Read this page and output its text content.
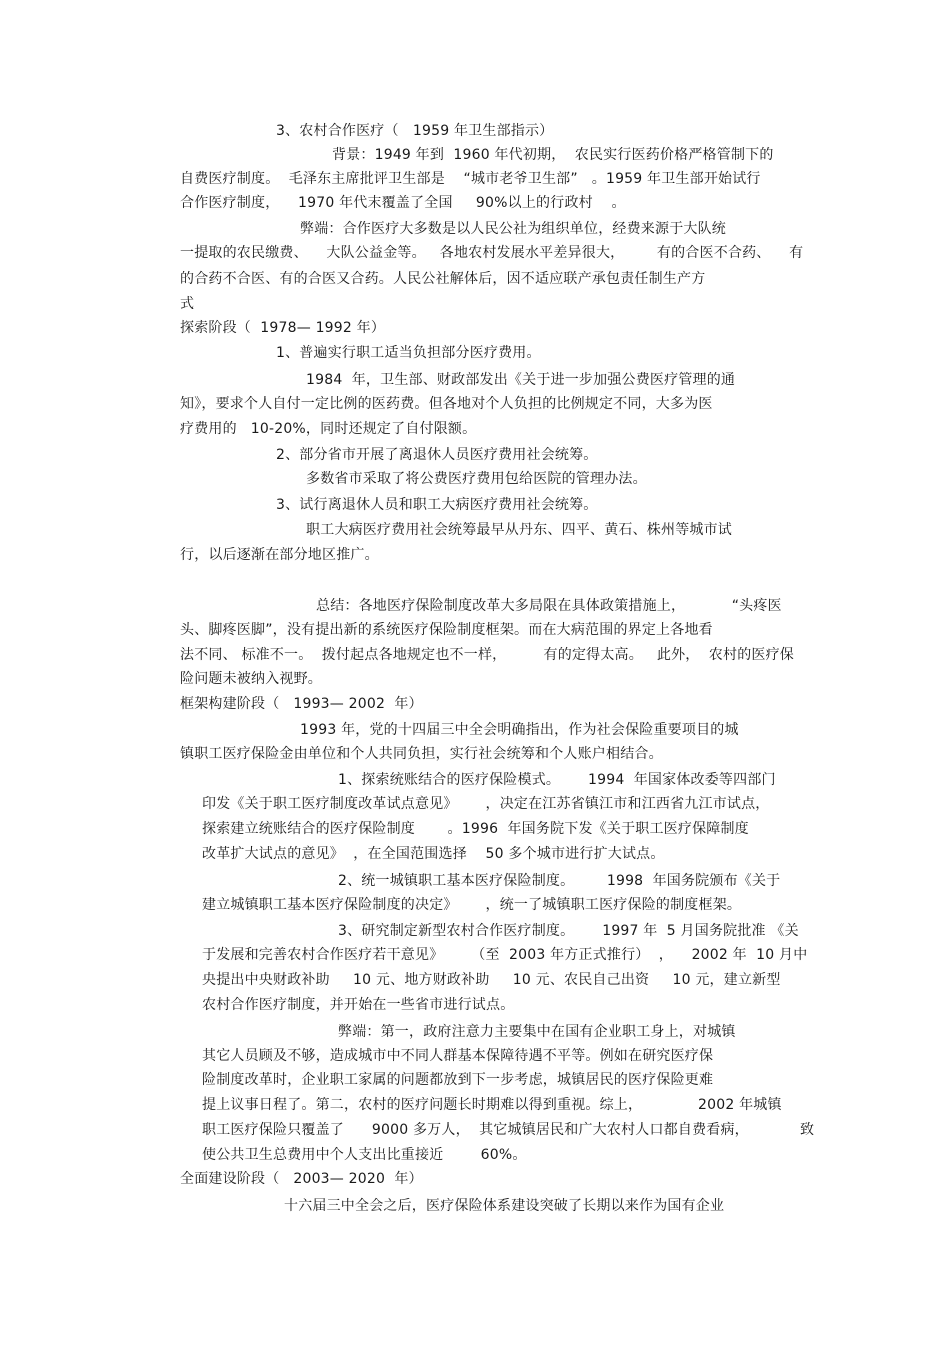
3、农村合作医疗（　1959 年卫生部指示）
背景：1949 年到  1960 年代初期，  农民实行医药价格严格管制下的
自费医疗制度。  毛泽东主席批评卫生部是    “城市老爷卫生部”   。1959 年卫生部开始试行
合作医疗制度，    1970 年代末覆盖了全国     90%以上的行政村    。
弊端：合作医疗大多数是以人民公社为组织单位，经费来源于大队统
一提取的农民缴费、    大队公益金等。   各地农村发展水平差异很大，       有的合医不合药、    有
的合药不合医、有的合医又合药。人民公社解体后，因不适应联产承包责任制生产方
式
探索阶段（  1978— 1992 年）
1、普遍实行职工适当负担部分医疗费用。
1984  年，卫生部、财政部发出《关于进一步加强公费医疗管理的通
知》，要求个人自付一定比例的医药费。但各地对个人负担的比例规定不同，大多为医
疗费用的   10-20%，同时还规定了自付限额。
2、部分省市开展了离退休人员医疗费用社会统筹。
多数省市采取了将公费医疗费用包给医院的管理办法。
3、试行离退休人员和职工大病医疗费用社会统筹。
职工大病医疗费用社会统筹最早从丹东、四平、黄石、株州等城市试
行，以后逐渐在部分地区推广。
总结：各地医疗保险制度改革大多局限在具体政策措施上，          “头疼医
头、脚疼医脚”，没有提出新的系统医疗保险制度框架。而在大病范围的界定上各地看
法不同、 标准不一。  拨付起点各地规定也不一样，        有的定得太高。   此外，  农村的医疗保
险问题未被纳入视野。
框架构建阶段（   1993— 2002  年）
1993 年，党的十四届三中全会明确指出，作为社会保险重要项目的城
镇职工医疗保险金由单位和个人共同负担，实行社会统筹和个人账户相结合。
1、探索统账结合的医疗保险模式。      1994  年国家体改委等四部门
印发《关于职工医疗制度改革试点意见》      ，决定在江苏省镇江市和江西省九江市试点，
探索建立统账结合的医疗保险制度       。1996  年国务院下发《关于职工医疗保障制度
改革扩大试点的意见》  ，在全国范围选择    50 多个城市进行扩大试点。
2、统一城镇职工基本医疗保险制度。       1998  年国务院颁布《关于
建立城镇职工基本医疗保险制度的决定》      ，统一了城镇职工医疗保险的制度框架。
3、研究制定新型农村合作医疗制度。      1997 年  5 月国务院批准 《关
于发展和完善农村合作医疗若干意见》      （至  2003 年方正式推行）  ，    2002 年  10 月中
央提出中央财政补助     10 元、地方财政补助     10 元、农民自己出资     10 元，建立新型
农村合作医疗制度，并开始在一些省市进行试点。
弊端：第一，政府注意力主要集中在国有企业职工身上，对城镇
其它人员顾及不够，造成城市中不同人群基本保障待遇不平等。例如在研究医疗保
险制度改革时，企业职工家属的问题都放到下一步考虑，城镇居民的医疗保险更难
提上议事日程了。第二，农村的医疗问题长时期难以得到重视。综上，            2002 年城镇
职工医疗保险只覆盖了      9000 多万人，  其它城镇居民和广大农村人口都自费看病，           致
使公共卫生总费用中个人支出比重接近        60%。
全面建设阶段（   2003— 2020  年）
十六届三中全会之后，医疗保险体系建设突破了长期以来作为国有企业
